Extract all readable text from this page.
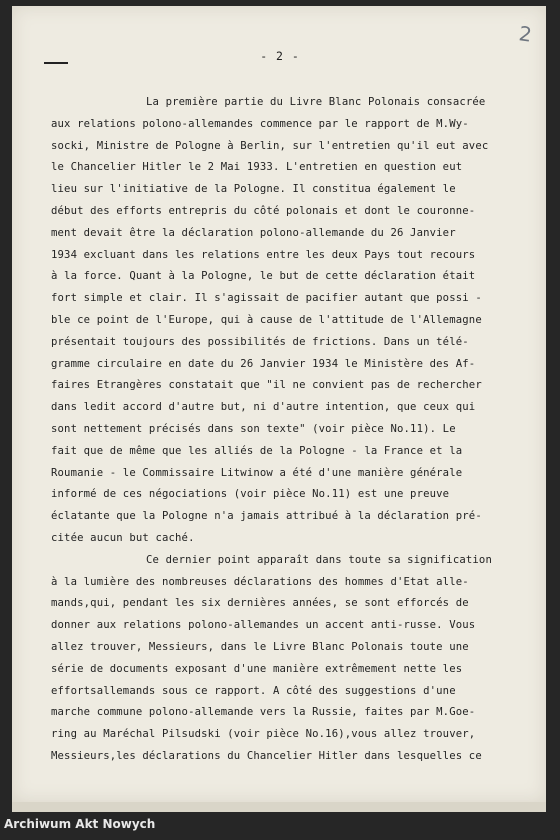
2
- 2 -
La première partie du Livre Blanc Polonais consacrée
aux relations polono-allemandes commence par le rapport de M.Wy-
socki, Ministre de Pologne à Berlin, sur l'entretien qu'il eut avec
le Chancelier Hitler le 2 Mai 1933. L'entretien en question eut
lieu sur l'initiative de la Pologne. Il constitua également le
début des efforts entrepris du côté polonais et dont le couronne-
ment devait être la déclaration polono-allemande du 26 Janvier
1934 excluant dans les relations entre les deux Pays tout recours
à la force. Quant à la Pologne, le but de cette déclaration était
fort simple et clair. Il s'agissait de pacifier autant que possi -
ble ce point de l'Europe, qui à cause de l'attitude de l'Allemagne
présentait toujours des possibilités de frictions. Dans un télé-
gramme circulaire en date du 26 Janvier 1934 le Ministère des Af-
faires Etrangères constatait que "il ne convient pas de rechercher
dans ledit accord d'autre but, ni d'autre intention, que ceux qui
sont nettement précisés dans son texte" (voir pièce No.11). Le
fait que de même que les alliés de la Pologne - la France et la
Roumanie - le Commissaire Litwinow a été d'une manière générale
informé de ces négociations (voir pièce No.11) est une preuve
éclatante que la Pologne n'a jamais attribué à la déclaration pré-
citée aucun but caché.
Ce dernier point apparaît dans toute sa signification
à la lumière des nombreuses déclarations des hommes d'Etat alle-
mands,qui, pendant les six dernières années, se sont efforcés de
donner aux relations polono-allemandes un accent anti-russe. Vous
allez trouver, Messieurs, dans le Livre Blanc Polonais toute une
série de documents exposant d'une manière extrêmement nette les
effortsallemands sous ce rapport. A côté des suggestions d'une
marche commune polono-allemande vers la Russie, faites par M.Goe-
ring au Maréchal Pilsudski (voir pièce No.16),vous allez trouver,
Messieurs,les déclarations du Chancelier Hitler dans lesquelles ce
Archiwum Akt Nowych
